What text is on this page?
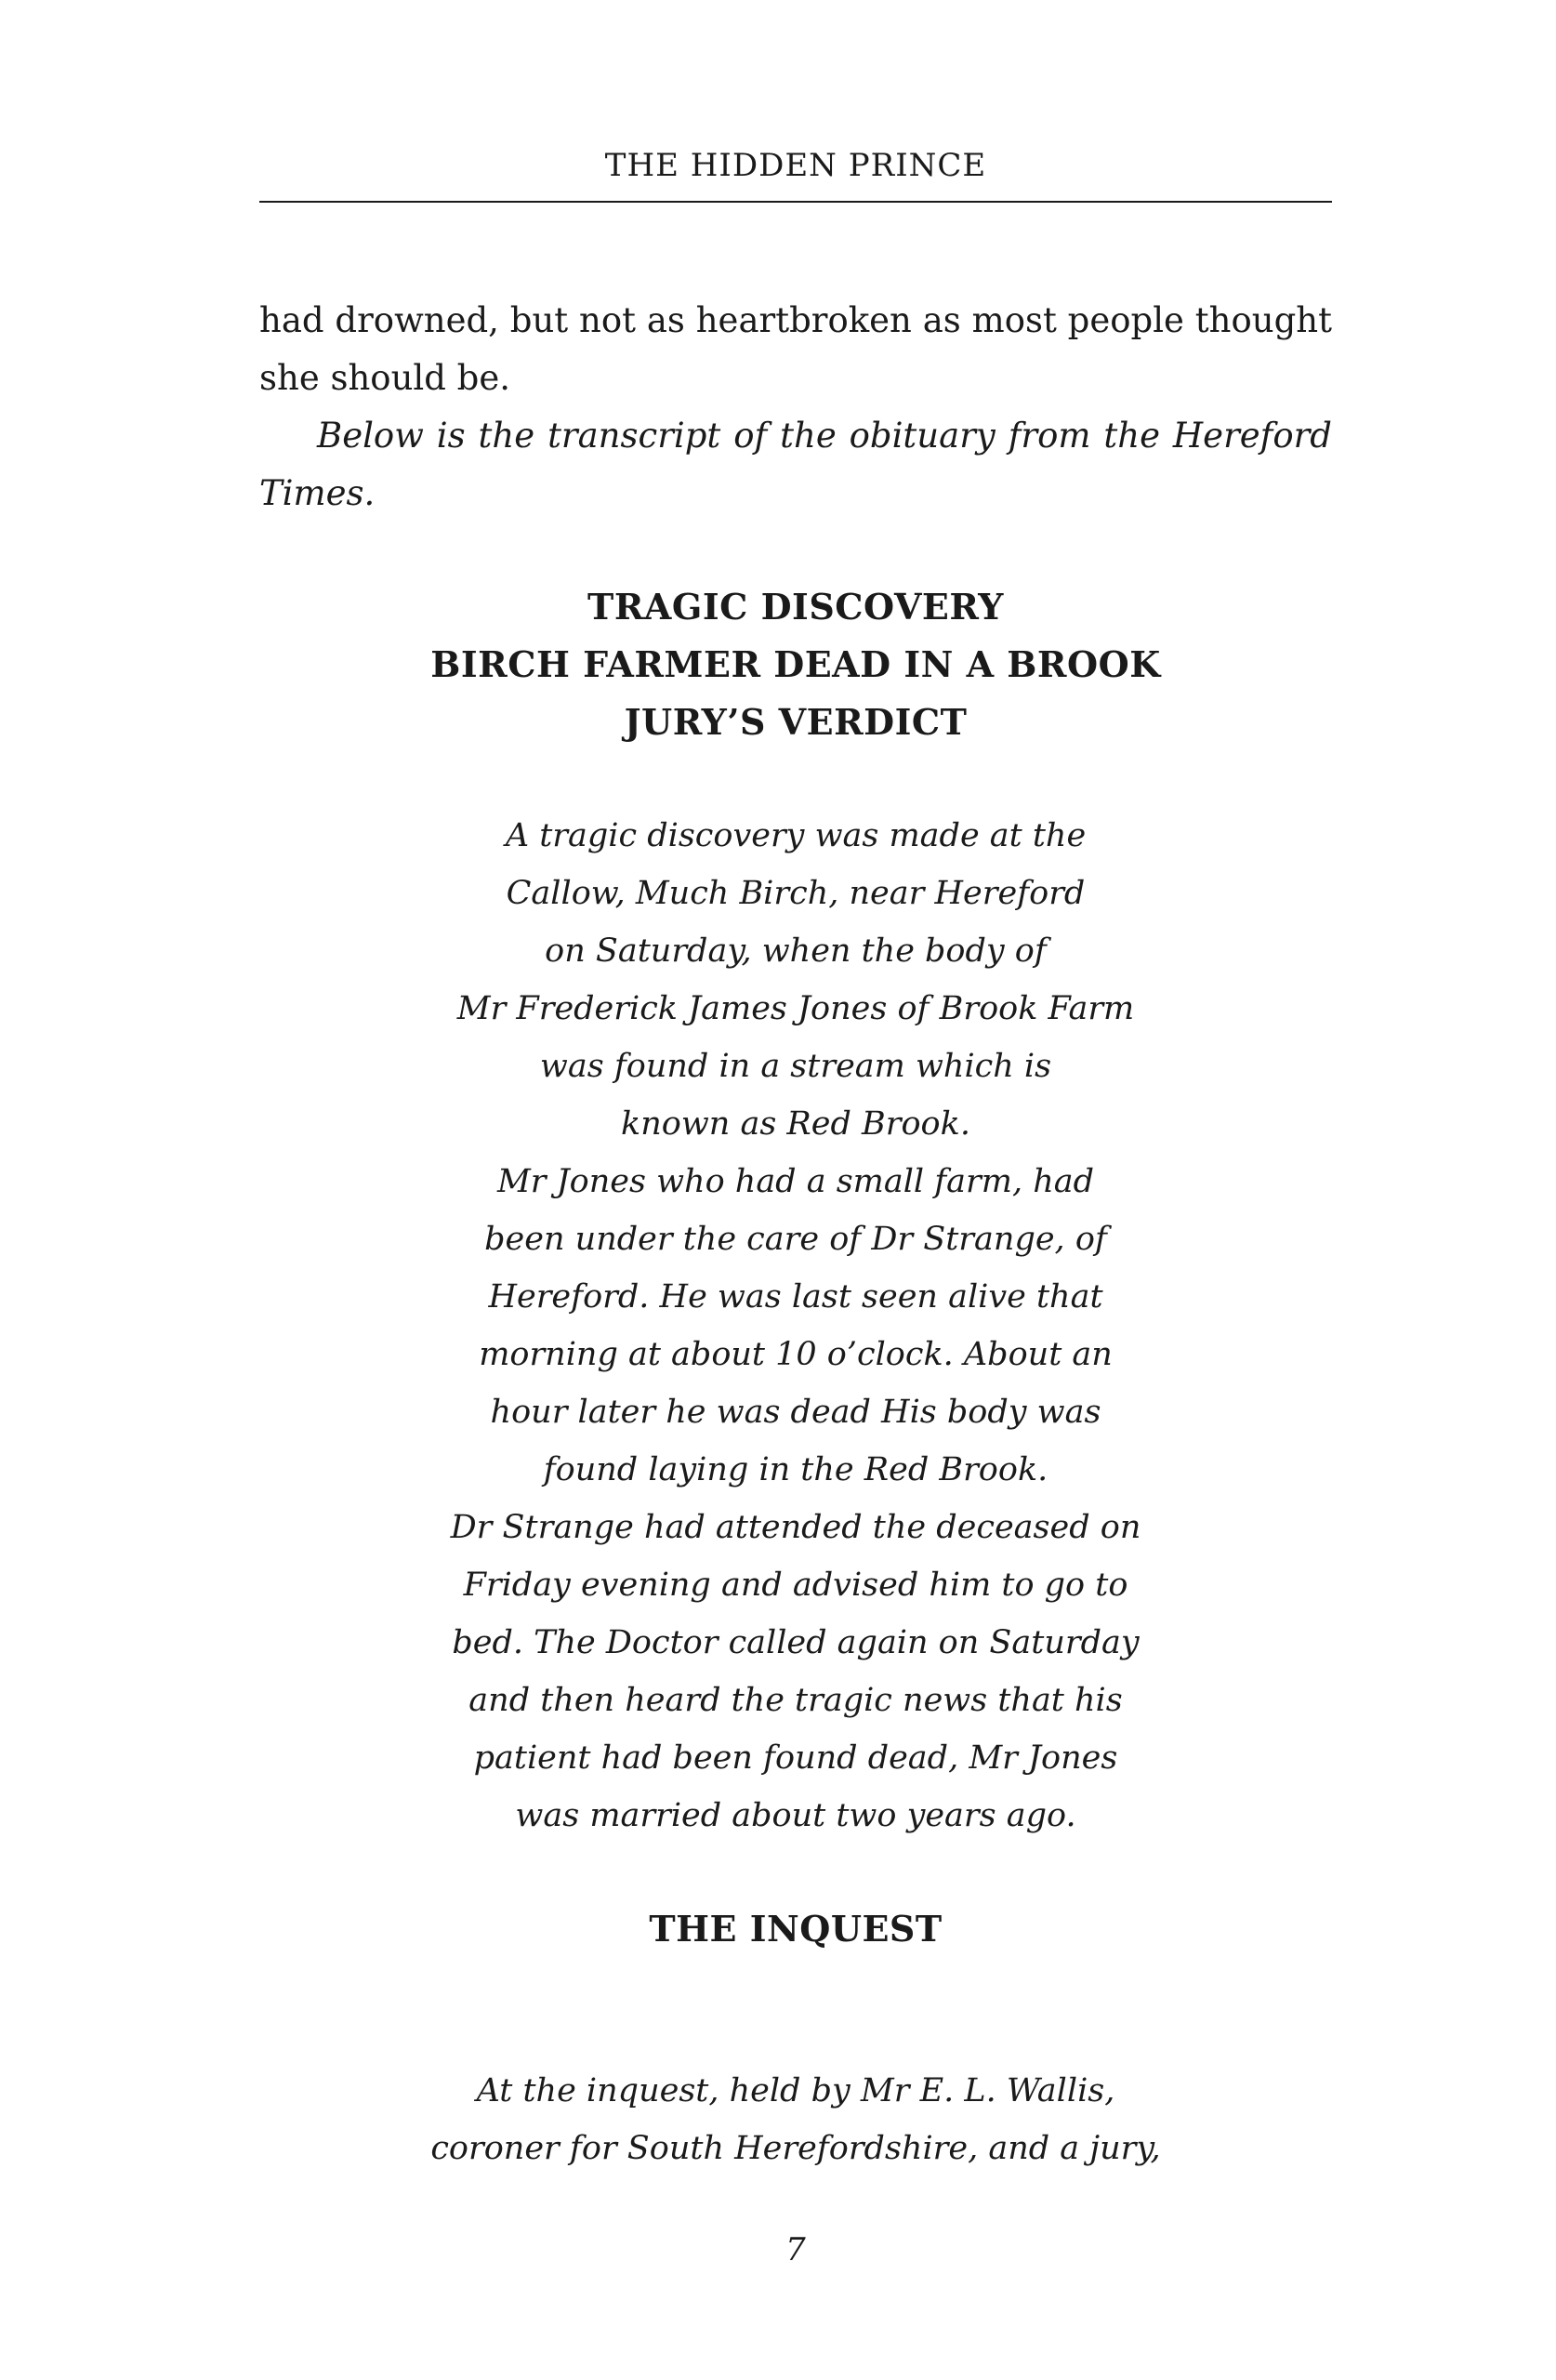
THE HIDDEN PRINCE
had drowned, but not as heartbroken as most people thought
she should be.
Below is the transcript of the obituary from the Hereford
Times.
TRAGIC DISCOVERY
BIRCH FARMER DEAD IN A BROOK
JURY’S VERDICT
A tragic discovery was made at the
Callow, Much Birch, near Hereford
on Saturday, when the body of
Mr Frederick James Jones of Brook Farm
was found in a stream which is
known as Red Brook.
Mr Jones who had a small farm, had
been under the care of Dr Strange, of
Hereford. He was last seen alive that
morning at about 10 o’clock. About an
hour later he was dead His body was
found laying in the Red Brook.
Dr Strange had attended the deceased on
Friday evening and advised him to go to
bed. The Doctor called again on Saturday
and then heard the tragic news that his
patient had been found dead, Mr Jones
was married about two years ago.
THE INQUEST
At the inquest, held by Mr E. L. Wallis,
coroner for South Herefordshire, and a jury,
7
